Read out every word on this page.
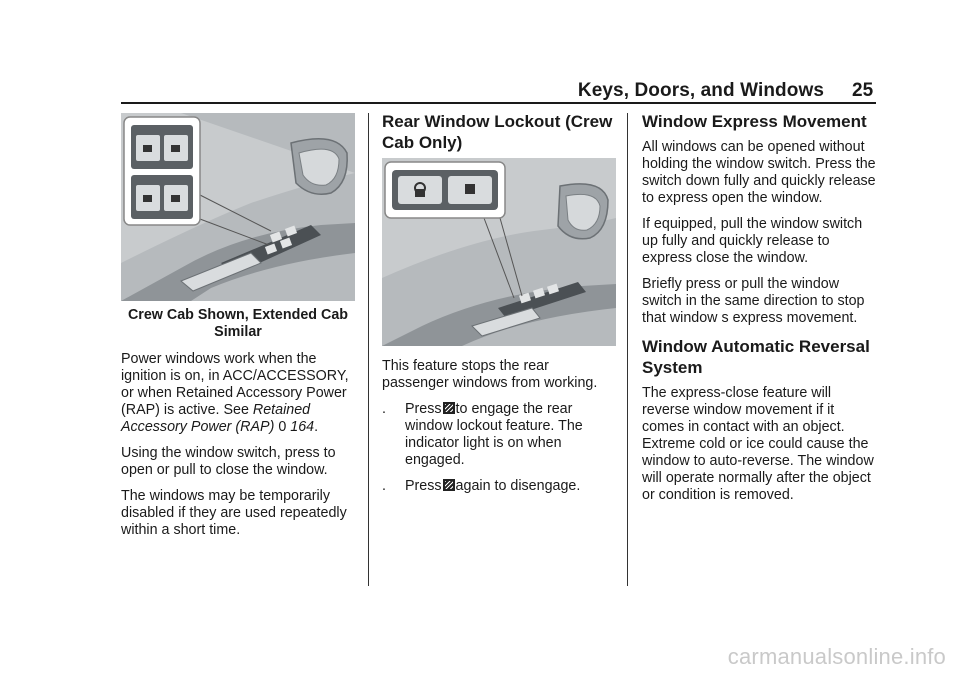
Keys, Doors, and Windows 25
Crew Cab Shown, Extended Cab Similar

Power windows work when the ignition is on, in ACC/ACCESSORY, or when Retained Accessory Power (RAP) is active. See Retained Accessory Power (RAP) 0 164.

Using the window switch, press to open or pull to close the window.

The windows may be temporarily disabled if they are used repeatedly within a short time.

Rear Window Lockout (Crew Cab Only)

This feature stops the rear passenger windows from working.

.	Press to engage the rear window lockout feature. The indicator light is on when engaged.
.	Press again to disengage.
Window Express Movement

All windows can be opened without holding the window switch. Press the switch down fully and quickly release to express open the window.

If equipped, pull the window switch up fully and quickly release to express close the window.

Briefly press or pull the window switch in the same direction to stop that window s express movement.

Window Automatic Reversal System

The express-close feature will reverse window movement if it comes in contact with an object. Extreme cold or ice could cause the window to auto-reverse. The window will operate normally after the object or condition is removed.

carmanualsonline.info
